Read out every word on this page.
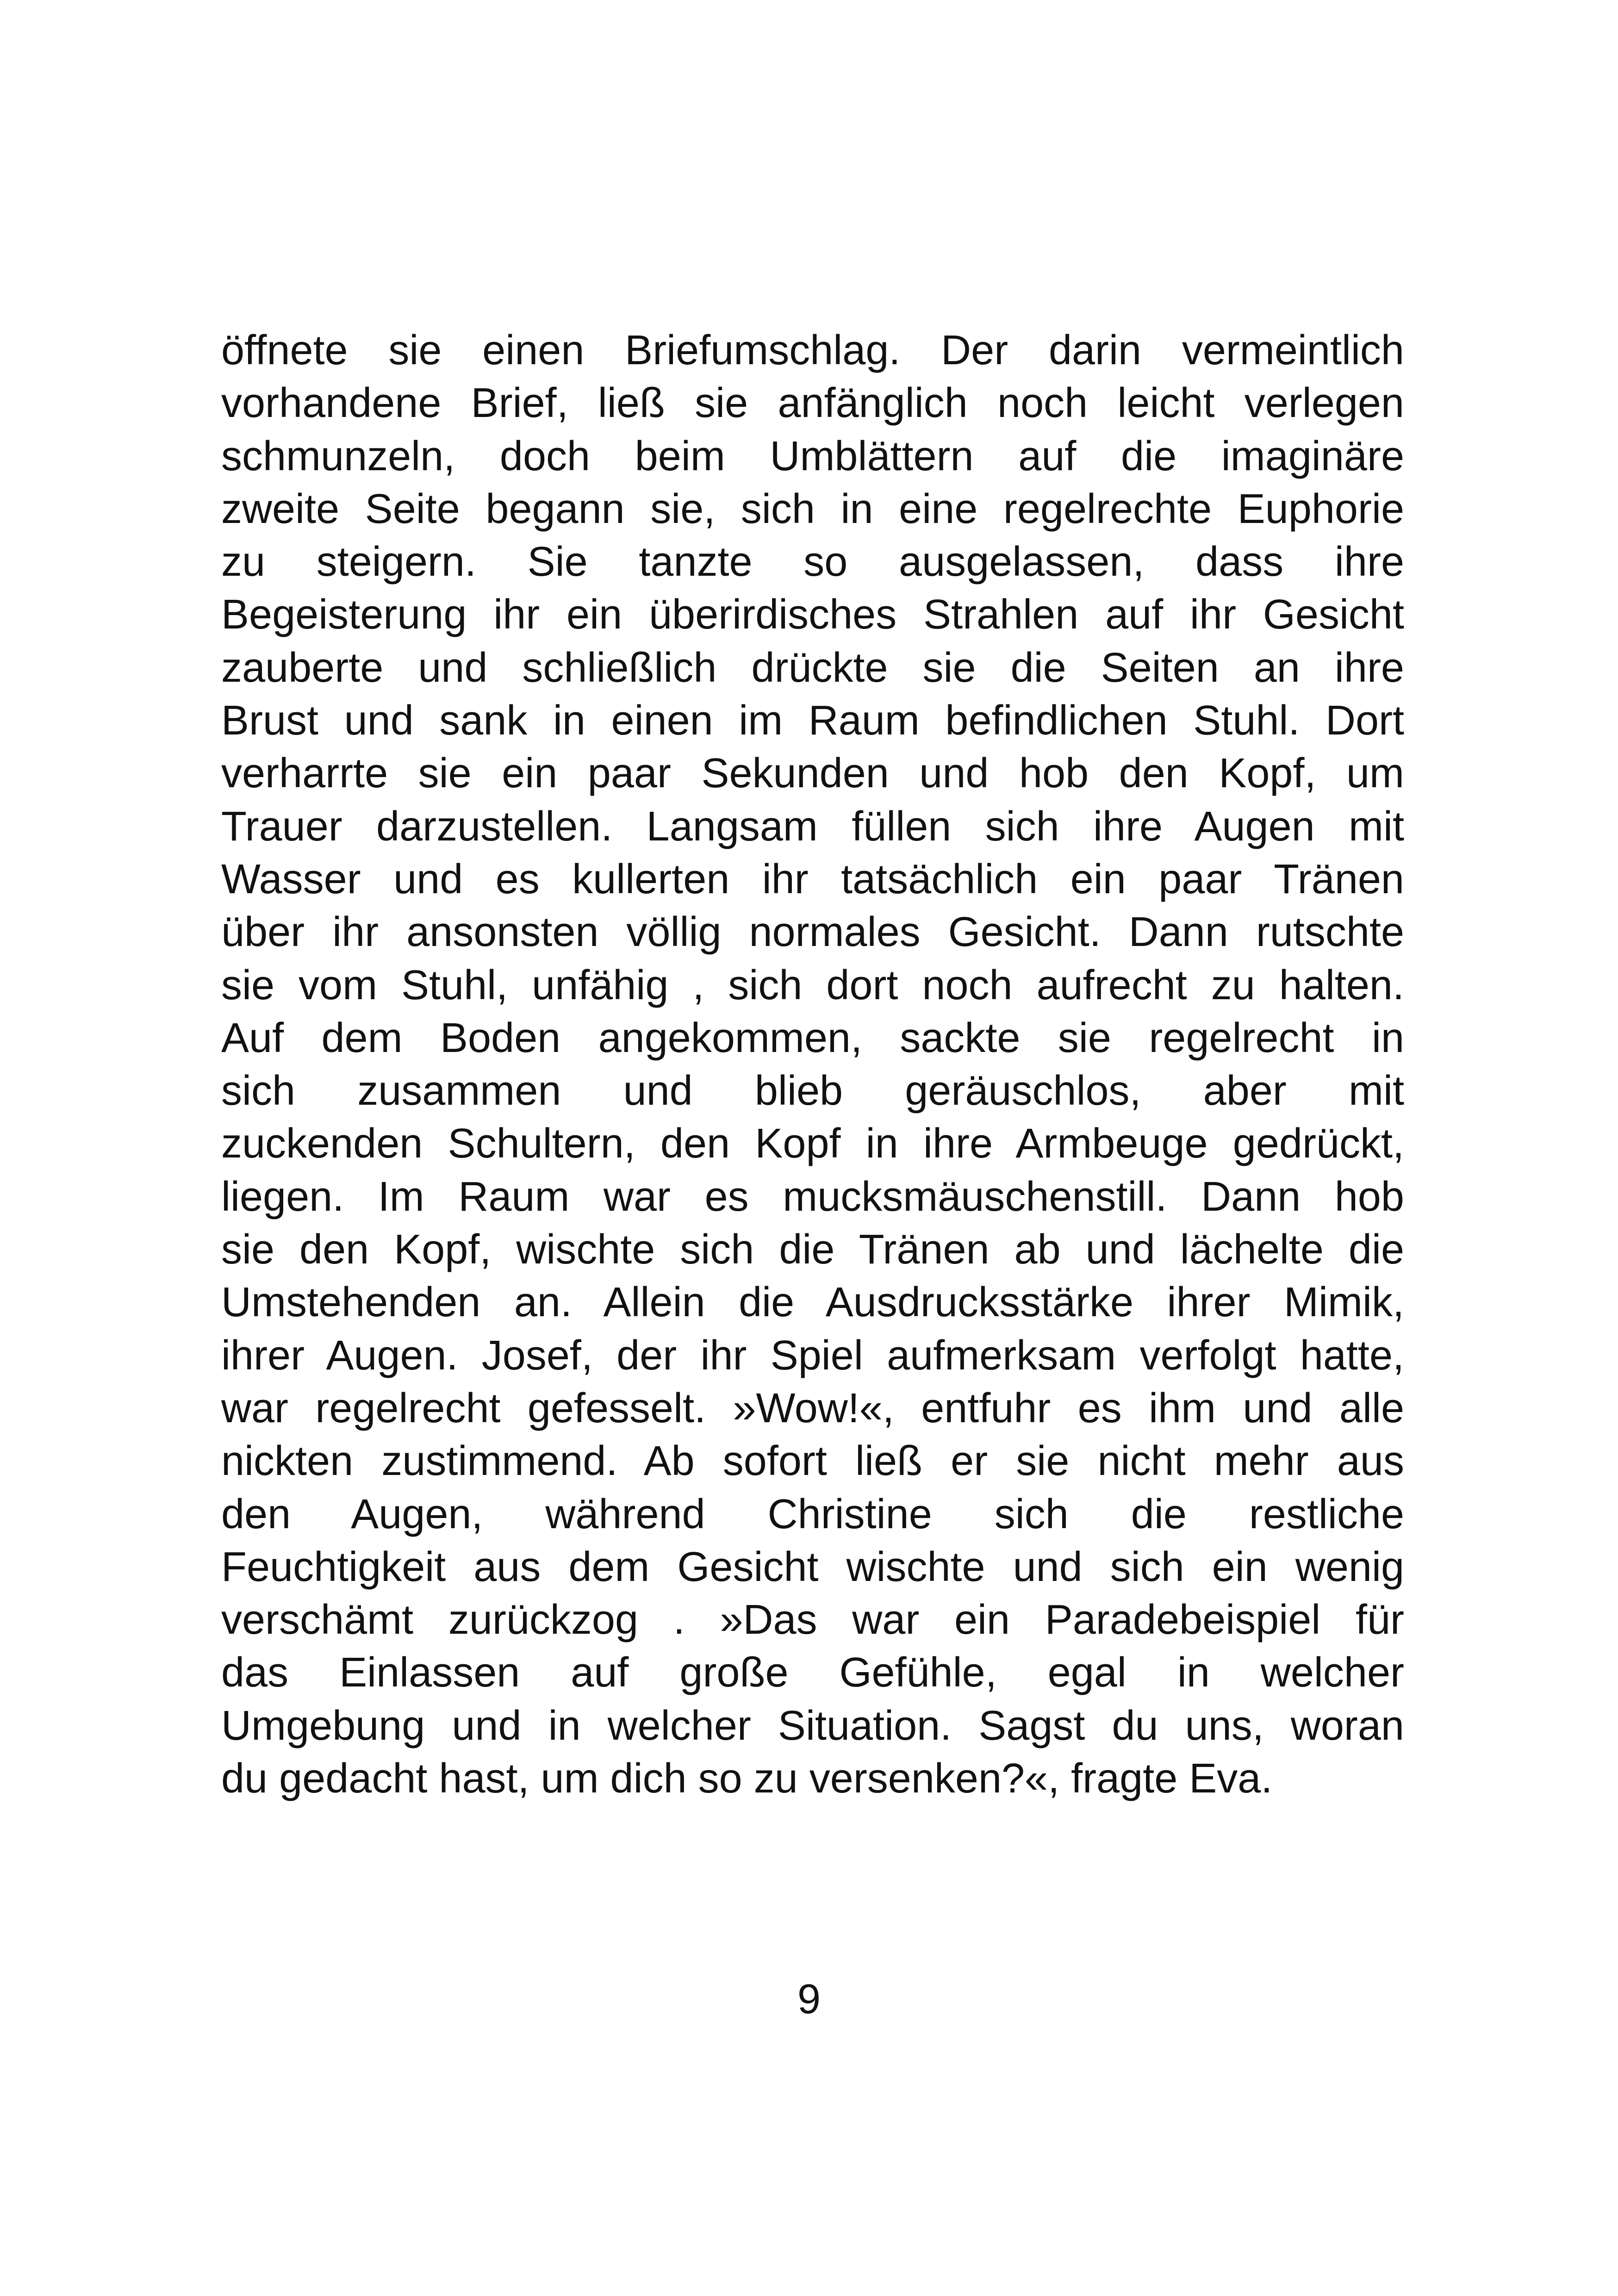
öffnete sie einen Briefumschlag. Der darin vermeintlich
vorhandene Brief, ließ sie anfänglich noch leicht verlegen
schmunzeln, doch beim Umblättern auf die imaginäre
zweite Seite begann sie, sich in eine regelrechte Euphorie
zu steigern. Sie tanzte so ausgelassen, dass ihre
Begeisterung ihr ein überirdisches Strahlen auf ihr Gesicht
zauberte und schließlich drückte sie die Seiten an ihre
Brust und sank in einen im Raum befindlichen Stuhl. Dort
verharrte sie ein paar Sekunden und hob den Kopf, um
Trauer darzustellen. Langsam füllen sich ihre Augen mit
Wasser und es kullerten ihr tatsächlich ein paar Tränen
über ihr ansonsten völlig normales Gesicht. Dann rutschte
sie vom Stuhl, unfähig , sich dort noch aufrecht zu halten.
Auf dem Boden angekommen, sackte sie regelrecht in
sich zusammen und blieb geräuschlos, aber mit
zuckenden Schultern, den Kopf in ihre Armbeuge gedrückt,
liegen. Im Raum war es mucksmäuschenstill. Dann hob
sie den Kopf, wischte sich die Tränen ab und lächelte die
Umstehenden an. Allein die Ausdrucksstärke ihrer Mimik,
ihrer Augen. Josef, der ihr Spiel aufmerksam verfolgt hatte,
war regelrecht gefesselt. »Wow!«, entfuhr es ihm und alle
nickten zustimmend. Ab sofort ließ er sie nicht mehr aus
den Augen, während Christine sich die restliche
Feuchtigkeit aus dem Gesicht wischte und sich ein wenig
verschämt zurückzog . »Das war ein Paradebeispiel für
das Einlassen auf große Gefühle, egal in welcher
Umgebung und in welcher Situation. Sagst du uns, woran
du gedacht hast, um dich so zu versenken?«, fragte Eva.
9
